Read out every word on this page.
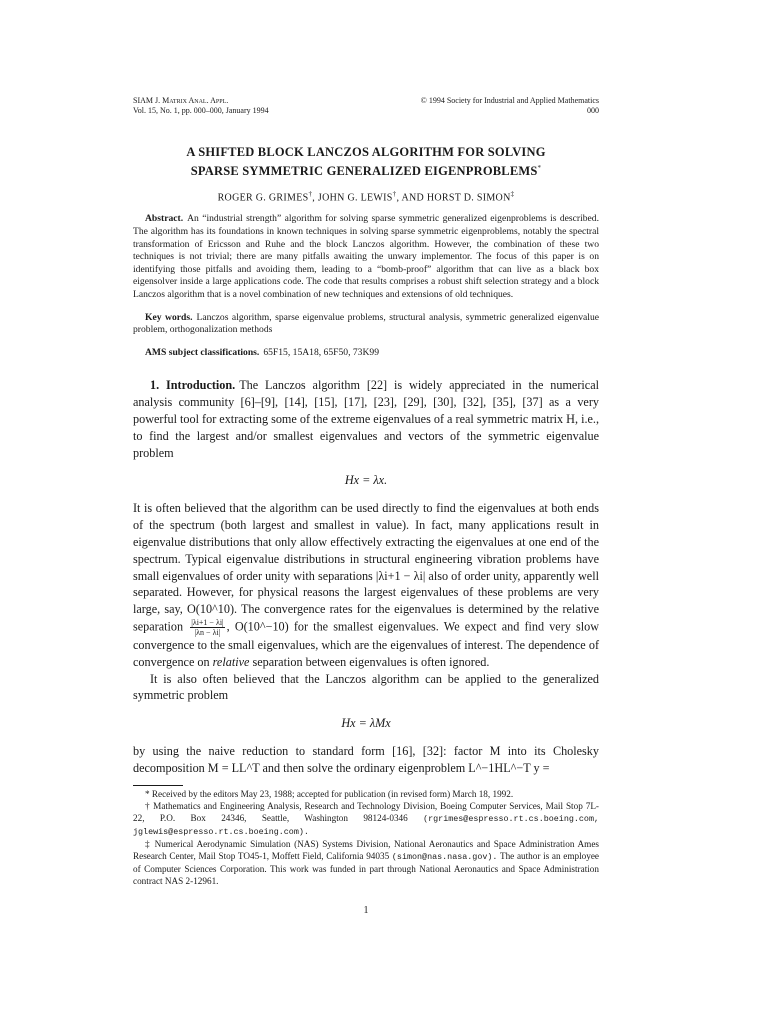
SIAM J. Matrix Anal. Appl.
Vol. 15, No. 1, pp. 000–000, January 1994
© 1994 Society for Industrial and Applied Mathematics
000
A SHIFTED BLOCK LANCZOS ALGORITHM FOR SOLVING
SPARSE SYMMETRIC GENERALIZED EIGENPROBLEMS*
ROGER G. GRIMES†, JOHN G. LEWIS†, AND HORST D. SIMON‡
Abstract. An “industrial strength” algorithm for solving sparse symmetric generalized eigenproblems is described. The algorithm has its foundations in known techniques in solving sparse symmetric eigenproblems, notably the spectral transformation of Ericsson and Ruhe and the block Lanczos algorithm. However, the combination of these two techniques is not trivial; there are many pitfalls awaiting the unwary implementor. The focus of this paper is on identifying those pitfalls and avoiding them, leading to a “bomb-proof” algorithm that can live as a black box eigensolver inside a large applications code. The code that results comprises a robust shift selection strategy and a block Lanczos algorithm that is a novel combination of new techniques and extensions of old techniques.
Key words. Lanczos algorithm, sparse eigenvalue problems, structural analysis, symmetric generalized eigenvalue problem, orthogonalization methods
AMS subject classifications. 65F15, 15A18, 65F50, 73K99
1. Introduction. The Lanczos algorithm [22] is widely appreciated in the numerical analysis community [6]–[9], [14], [15], [17], [23], [29], [30], [32], [35], [37] as a very powerful tool for extracting some of the extreme eigenvalues of a real symmetric matrix H, i.e., to find the largest and/or smallest eigenvalues and vectors of the symmetric eigenvalue problem
Hx = λx.
It is often believed that the algorithm can be used directly to find the eigenvalues at both ends of the spectrum (both largest and smallest in value). In fact, many applications result in eigenvalue distributions that only allow effectively extracting the eigenvalues at one end of the spectrum. Typical eigenvalue distributions in structural engineering vibration problems have small eigenvalues of order unity with separations |λi+1 − λi| also of order unity, apparently well separated. However, for physical reasons the largest eigenvalues of these problems are very large, say, O(10^10). The convergence rates for the eigenvalues is determined by the relative separation $\frac{|\lambda i+1 - \lambda i|}{|\lambda n - \lambda i|}$ , O(10^−10) for the smallest eigenvalues. We expect and find very slow convergence to the small eigenvalues, which are the eigenvalues of interest. The dependence of convergence on relative separation between eigenvalues is often ignored.
It is also often believed that the Lanczos algorithm can be applied to the generalized symmetric problem
Hx = λMx
by using the naive reduction to standard form [16], [32]: factor M into its Cholesky decomposition M = LL^T and then solve the ordinary eigenproblem L^−1HL^−T y =
* Received by the editors May 23, 1988; accepted for publication (in revised form) March 18, 1992.
† Mathematics and Engineering Analysis, Research and Technology Division, Boeing Computer Services, Mail Stop 7L-22, P.O. Box 24346, Seattle, Washington 98124-0346 (rgrimes@espresso.rt.cs.boeing.com, jglewis@espresso.rt.cs.boeing.com).
‡ Numerical Aerodynamic Simulation (NAS) Systems Division, National Aeronautics and Space Administration Ames Research Center, Mail Stop TO45-1, Moffett Field, California 94035 (simon@nas.nasa.gov). The author is an employee of Computer Sciences Corporation. This work was funded in part through National Aeronautics and Space Administration contract NAS 2-12961.
1
